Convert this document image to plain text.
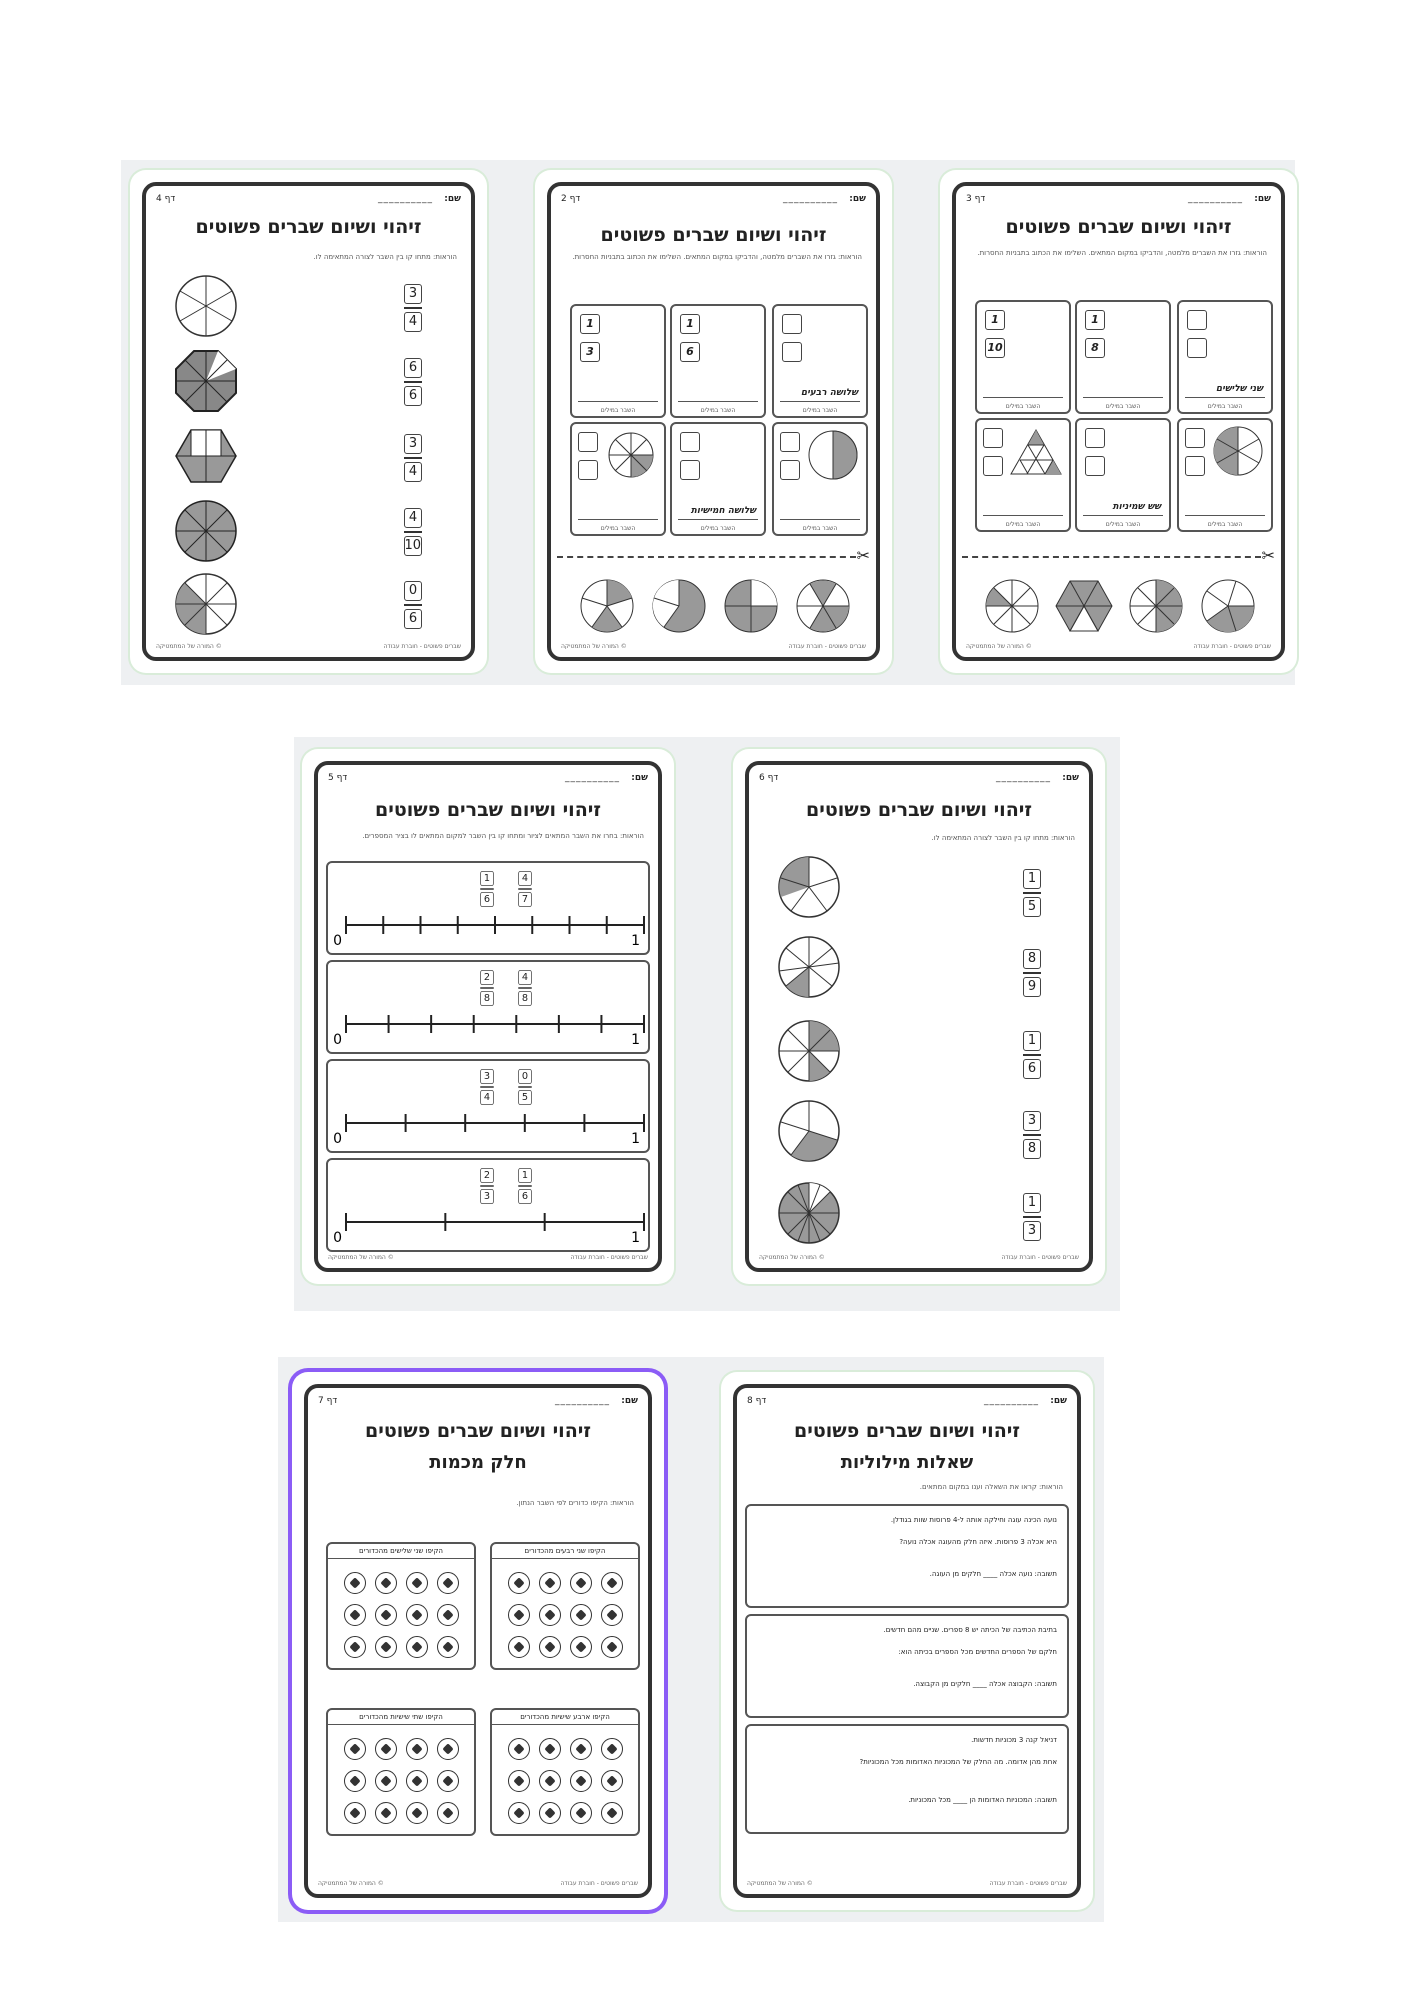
שם:
__________
דף 4
זיהוי ושיום שברים פשוטים
הוראות: מתחו קו בין השבר לצורה המתאימה לו.
3
4
6
6
3
4
4
10
0
6
שברים פשוטים - חוברת עבודה
© המורה של המתמטיקה
שם:
__________
דף 2
זיהוי ושיום שברים פשוטים
הוראות: גזרו את השברים מלמטה, והדביקו במקום המתאים. השלימו את הכתוב בתבניות החסרות.
1
3
השבר במילים
1
6
השבר במילים
שלושה רבעים
השבר במילים
השבר במילים
שלושה חמישיות
השבר במילים	השבר במילים
✂
שברים פשוטים - חוברת עבודה
© המורה של המתמטיקה
שם:
__________
דף 3
זיהוי ושיום שברים פשוטים
הוראות: גזרו את השברים מלמטה, והדביקו במקום המתאים. השלימו את הכתוב בתבניות החסרות.
1
10
השבר במילים
1
8
השבר במילים
שני שלישים
השבר במילים
השבר במילים
שש שמיניות
השבר במילים	השבר במילים
✂
שברים פשוטים - חוברת עבודה
© המורה של המתמטיקה
שם:
__________
דף 5
זיהוי ושיום שברים פשוטים
הוראות: בחרו את השבר המתאים לציור ומתחו קו בין השבר למקום המתאים לו בציר המספרים.
1
6
4
7
0	1
2
8
4
8
0	1
3
4
0
5
0	1
2
3
1
6
0	1
שברים פשוטים - חוברת עבודה
© המורה של המתמטיקה
שם:
__________
דף 6
זיהוי ושיום שברים פשוטים
הוראות: מתחו קו בין השבר לצורה המתאימה לו.
1
5
8
9
1
6
3
8
1
3
שברים פשוטים - חוברת עבודה
© המורה של המתמטיקה
שם:
__________
דף 7
זיהוי ושיום שברים פשוטים
חלק מכמות
הוראות: הקיפו כדורים לפי השבר הנתון.
הקיפו שני רבעים מהכדורים
הקיפו שני שלישים מהכדורים
הקיפו ארבע שישיות מהכדורים
הקיפו שתי שישיות מהכדורים
שברים פשוטים - חוברת עבודה
© המורה של המתמטיקה
שם:
__________
דף 8
זיהוי ושיום שברים פשוטים
שאלות מילוליות
הוראות: קראו את השאלה וענו במקום המתאים.
נועה הכינה עוגה וחילקה אותה ל-4 פרוסות שוות בגודלן.
היא אכלה 3 פרוסות. איזה חלק מהעוגה אכלה נועה?
תשובה: נועה אכלה ____ חלקים מן העוגה.
בתיבת הכתיבה של הכיתה יש 8 ספרים. שניים מהם חדשים.
חלקם של הספרים החדשים מכל הספרים בכיתה הוא:
תשובה: הקבוצה אכלה ____ חלקים מן הקבוצה.
דניאל קנה 3 מכוניות חדשות.
אחת מהן אדומה. מה החלק של המכוניות האדומות מכל המכוניות?
תשובה: המכוניות האדומות הן ____ מכל המכוניות.
שברים פשוטים - חוברת עבודה
© המורה של המתמטיקה
